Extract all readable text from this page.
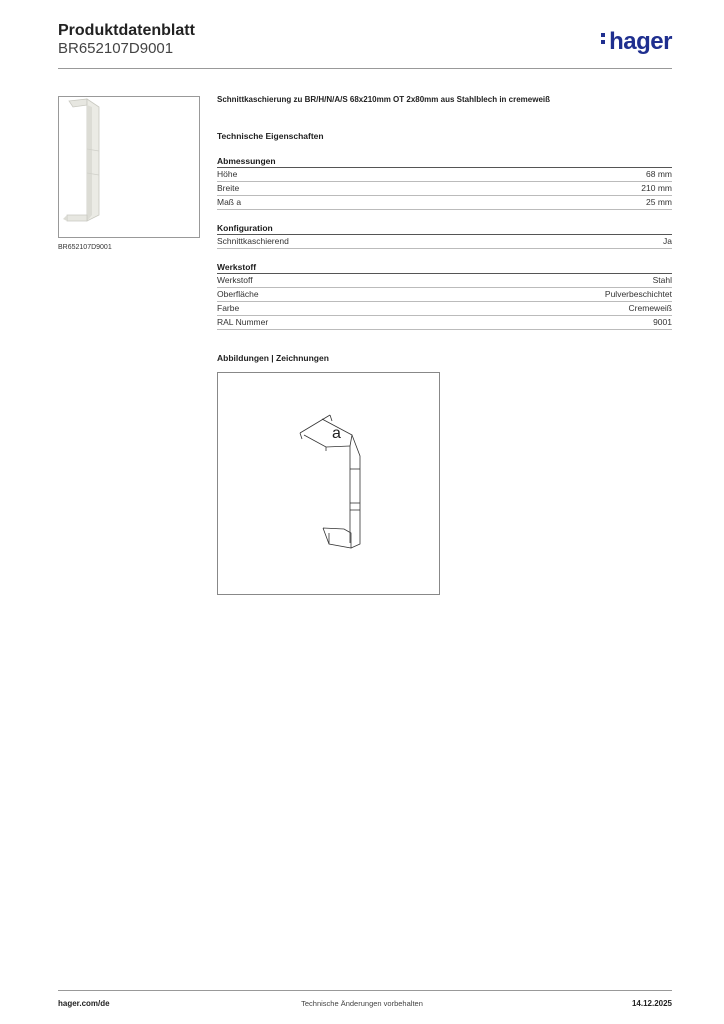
Produktdatenblatt
BR652107D9001	hager
BR652107D9001
Schnittkaschierung zu BR/H/N/A/S 68x210mm OT 2x80mm aus Stahlblech in cremeweiß
Technische Eigenschaften
Abmessungen
Höhe	68 mm
Breite	210 mm
Maß a	25 mm
Konfiguration
Schnittkaschierend	Ja
Werkstoff
Werkstoff	Stahl
Oberfläche	Pulverbeschichtet
Farbe	Cremeweiß
RAL Nummer	9001
Abbildungen | Zeichnungen
a
hager.com/de	Technische Änderungen vorbehalten	14.12.2025
